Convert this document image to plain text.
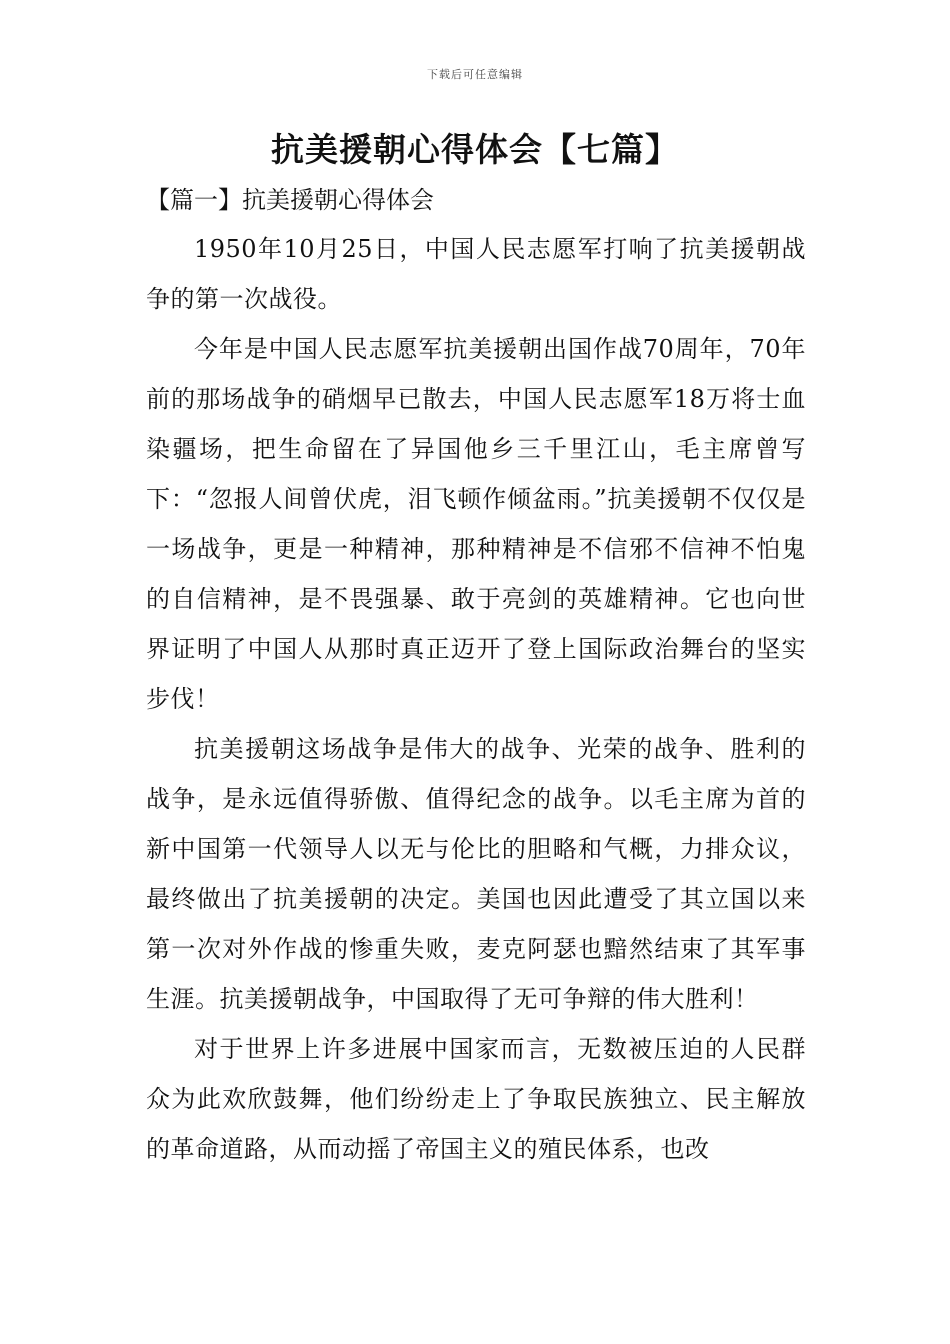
下载后可任意编辑
抗美援朝心得体会【七篇】

【篇一】抗美援朝心得体会

1950年10月25日，中国人民志愿军打响了抗美援朝战争的第一次战役。

今年是中国人民志愿军抗美援朝出国作战70周年，70年前的那场战争的硝烟早已散去，中国人民志愿军18万将士血染疆场，把生命留在了异国他乡三千里江山，毛主席曾写下：“忽报人间曾伏虎，泪飞顿作倾盆雨。”抗美援朝不仅仅是一场战争，更是一种精神，那种精神是不信邪不信神不怕鬼的自信精神，是不畏强暴、敢于亮剑的英雄精神。它也向世界证明了中国人从那时真正迈开了登上国际政治舞台的坚实步伐！

抗美援朝这场战争是伟大的战争、光荣的战争、胜利的战争，是永远值得骄傲、值得纪念的战争。以毛主席为首的新中国第一代领导人以无与伦比的胆略和气概，力排众议，最终做出了抗美援朝的决定。美国也因此遭受了其立国以来第一次对外作战的惨重失败，麦克阿瑟也黯然结束了其军事生涯。抗美援朝战争，中国取得了无可争辩的伟大胜利！

对于世界上许多进展中国家而言，无数被压迫的人民群众为此欢欣鼓舞，他们纷纷走上了争取民族独立、民主解放的革命道路，从而动摇了帝国主义的殖民体系，也改
